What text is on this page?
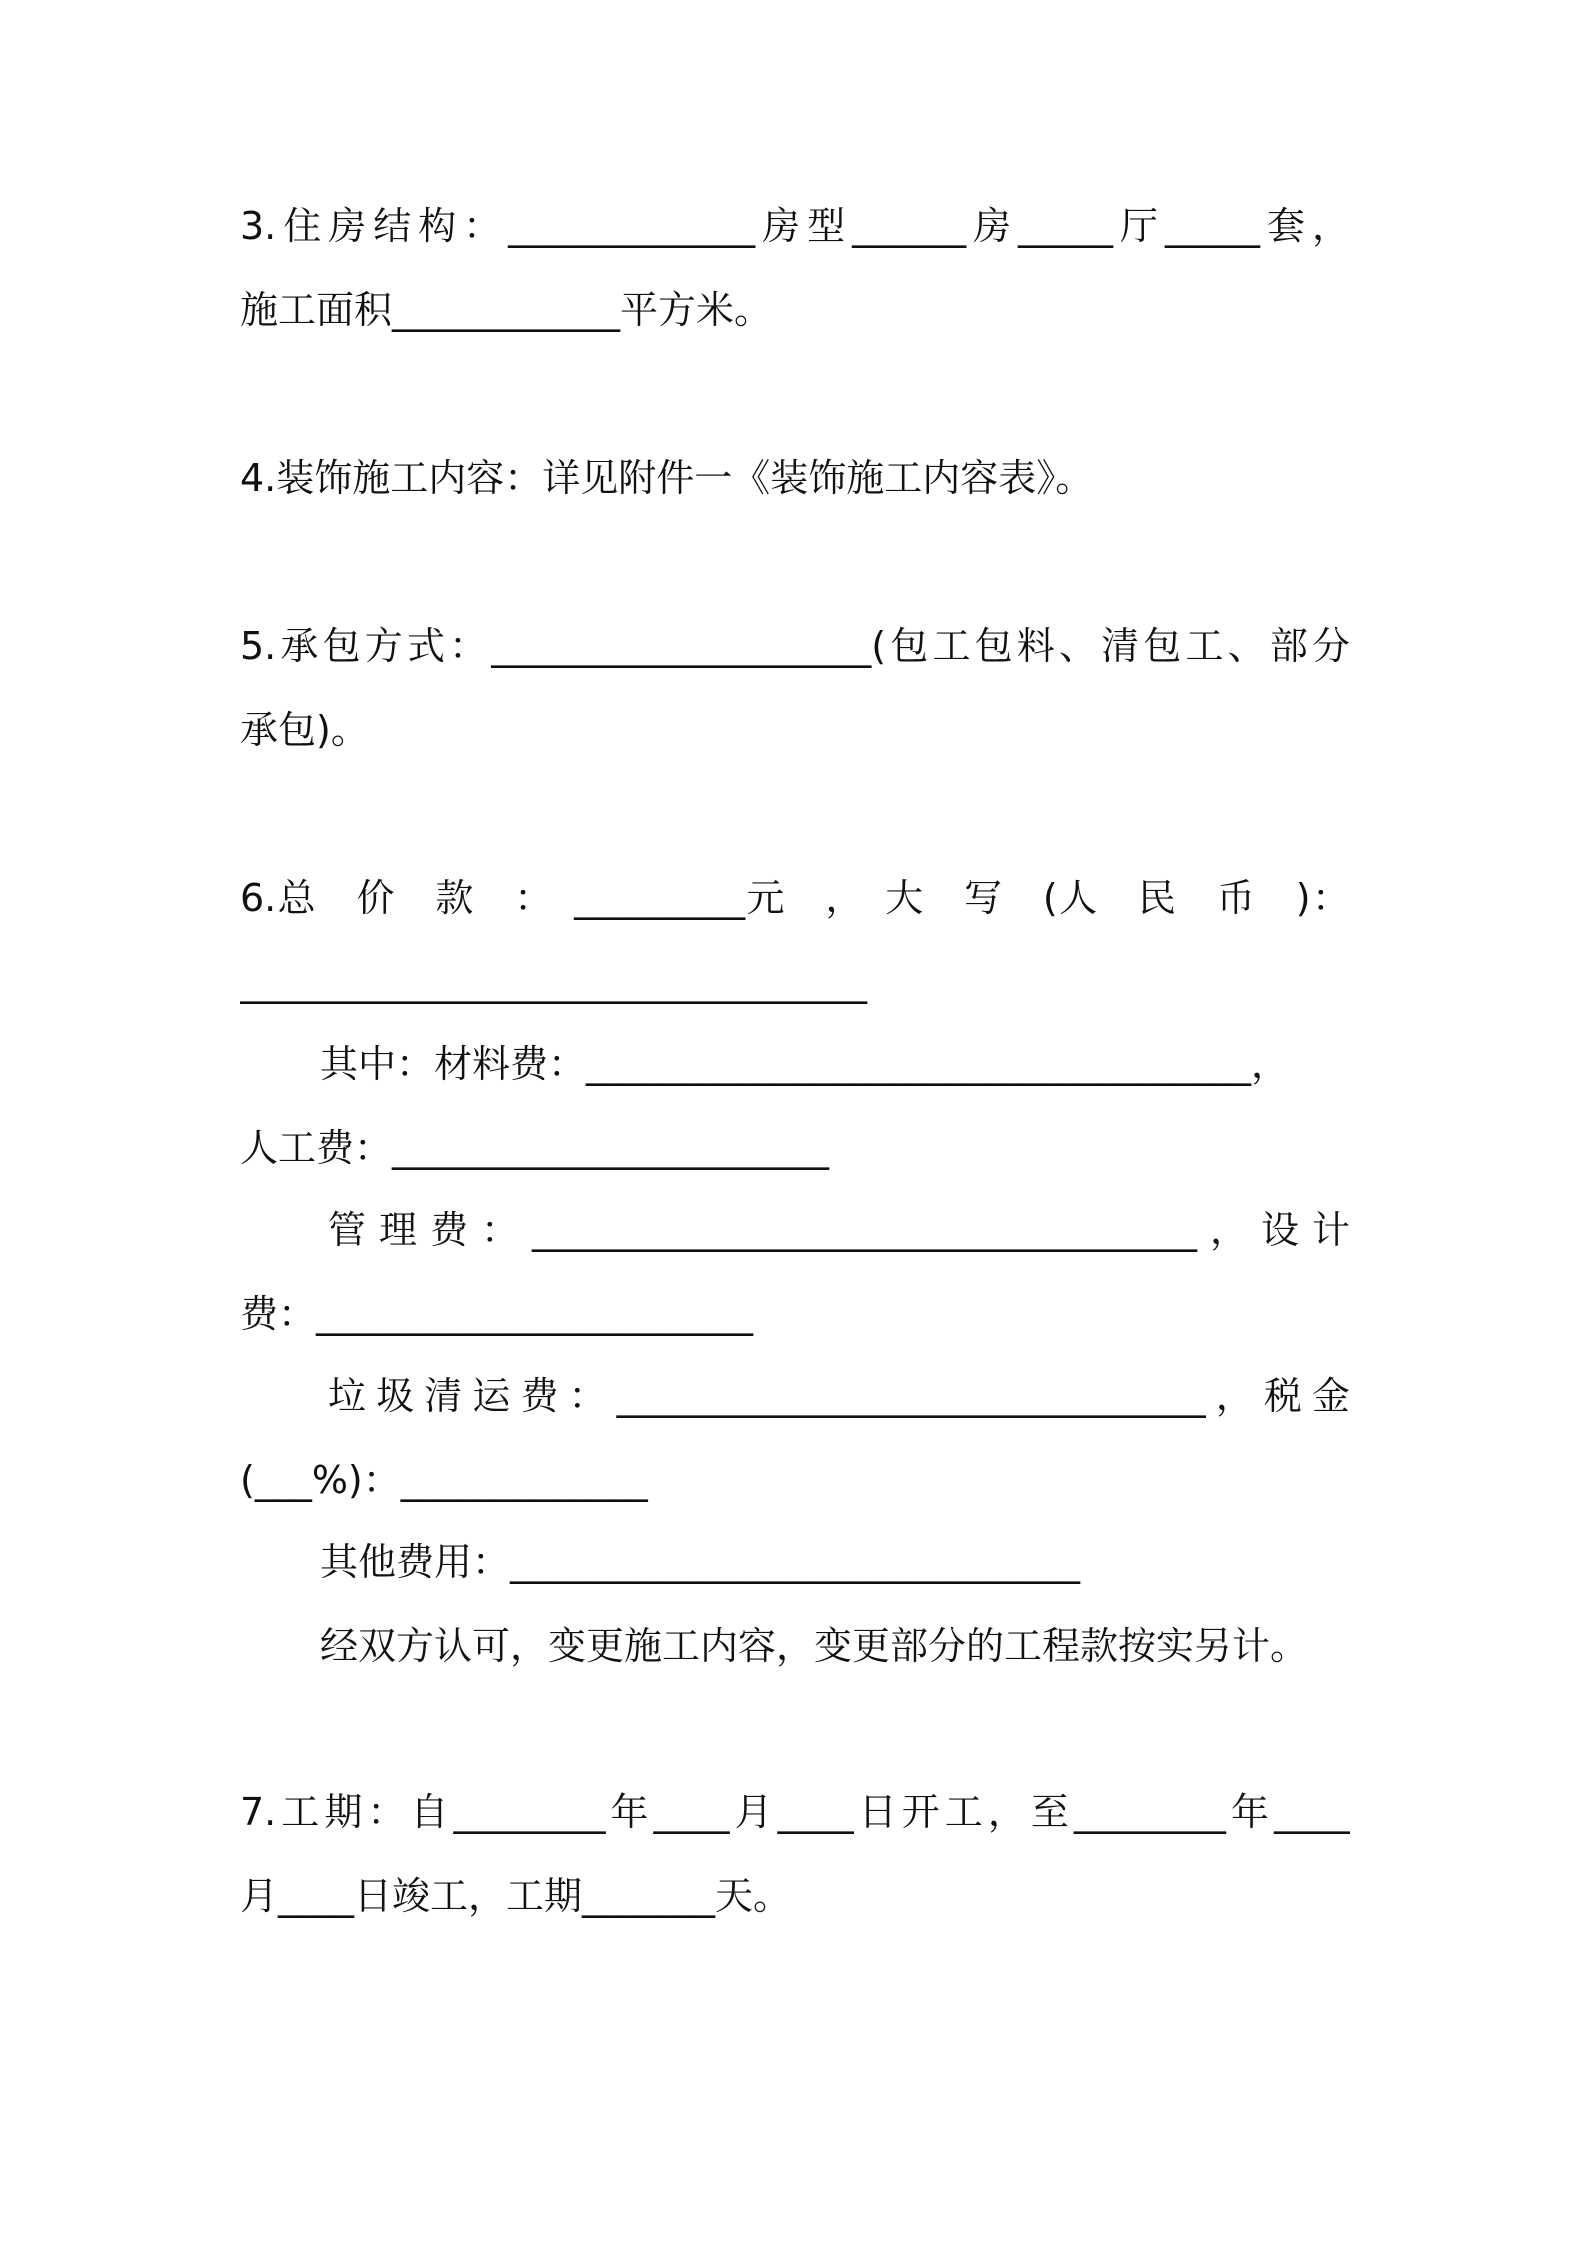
3.住房结构：_____________房型______房_____厅_____套，
施工面积____________平方米。
4.装饰施工内容：详见附件一《装饰施工内容表》。
5.承包方式：____________________(包工包料、清包工、部分
承包)。
6.总　价　款　：　_________元　，　大　写　(人　民　币　)：
_________________________________
其中：材料费：___________________________________，
人工费：_______________________
管理费：___________________________________，设计
费：_______________________
垃圾清运费：_______________________________，税金
(___%)：_____________
其他费用：______________________________
经双方认可，变更施工内容，变更部分的工程款按实另计。
7.工期：自________年____月____日开工，至________年____
月____日竣工，工期_______天。
